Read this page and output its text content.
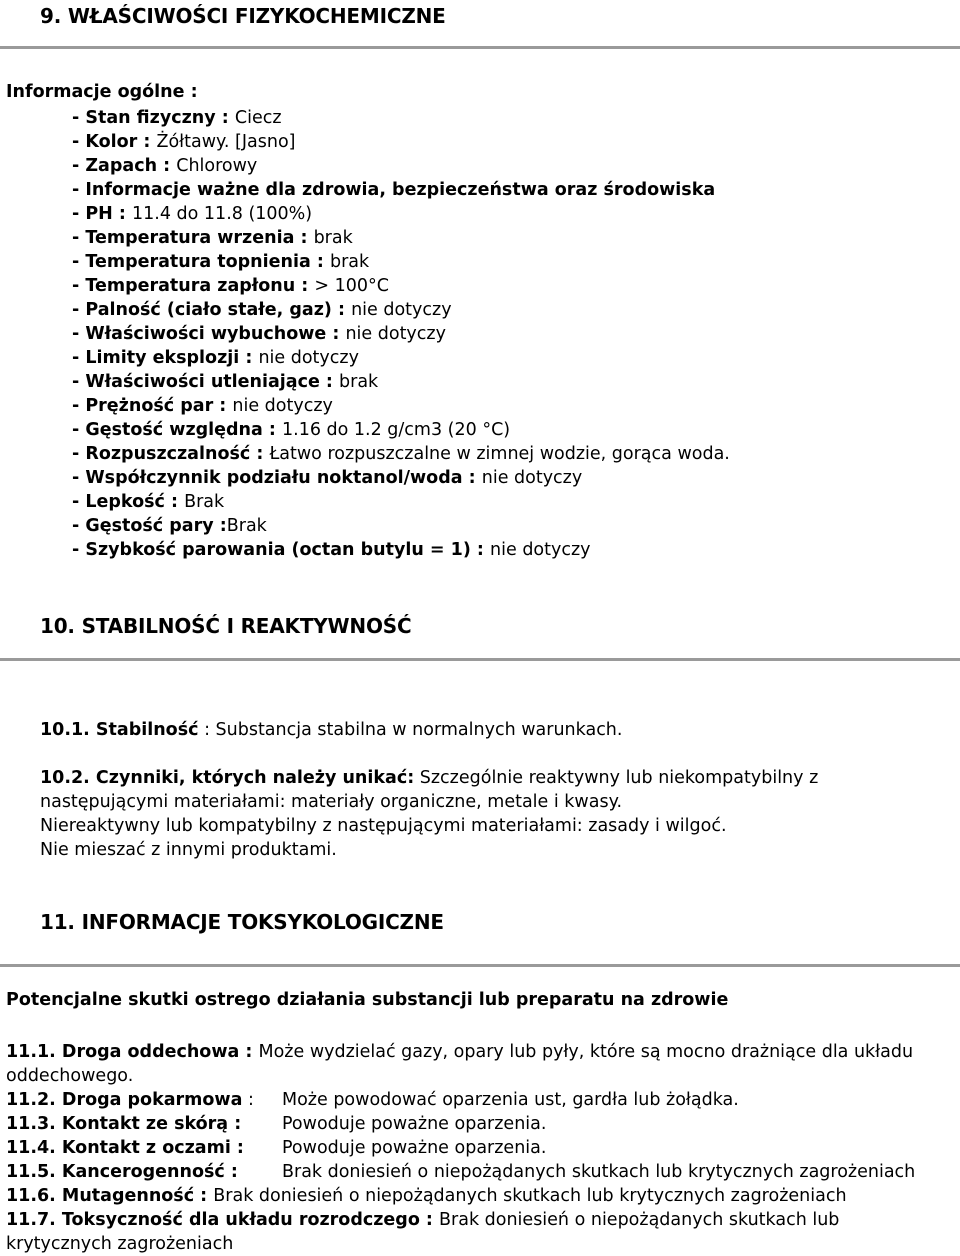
9. WŁAŚCIWOŚCI FIZYKOCHEMICZNE
Informacje ogólne :
- Stan fizyczny : Ciecz
- Kolor : Żółtawy. [Jasno]
- Zapach : Chlorowy
- Informacje ważne dla zdrowia, bezpieczeństwa oraz środowiska
- PH : 11.4 do 11.8 (100%)
- Temperatura wrzenia : brak
- Temperatura topnienia : brak
- Temperatura zapłonu : > 100°C
- Palność (ciało stałe, gaz) : nie dotyczy
- Właściwości wybuchowe : nie dotyczy
- Limity eksplozji : nie dotyczy
- Właściwości utleniające : brak
- Prężność par : nie dotyczy
- Gęstość względna : 1.16 do 1.2 g/cm3 (20 °C)
- Rozpuszczalność : Łatwo rozpuszczalne w zimnej wodzie, gorąca woda.
- Współczynnik podziału noktanol/woda : nie dotyczy
- Lepkość : Brak
- Gęstość pary :Brak
- Szybkość parowania (octan butylu = 1) : nie dotyczy
10. STABILNOŚĆ I REAKTYWNOŚĆ
10.1. Stabilność : Substancja stabilna w normalnych warunkach.
10.2. Czynniki, których należy unikać: Szczególnie reaktywny lub niekompatybilny z
następującymi materiałami: materiały organiczne, metale i kwasy.
Niereaktywny lub kompatybilny z następującymi materiałami: zasady i wilgoć.
Nie mieszać z innymi produktami.
11. INFORMACJE TOKSYKOLOGICZNE
Potencjalne skutki ostrego działania substancji lub preparatu na zdrowie
11.1. Droga oddechowa : Może wydzielać gazy, opary lub pyły, które są mocno drażniące dla układu
oddechowego.
11.2. Droga pokarmowa : Może powodować oparzenia ust, gardła lub żołądka.
11.3. Kontakt ze skórą : Powoduje poważne oparzenia.
11.4. Kontakt z oczami : Powoduje poważne oparzenia.
11.5. Kancerogenność :	Brak doniesień o niepożądanych skutkach lub krytycznych zagrożeniach
11.6. Mutagenność : Brak doniesień o niepożądanych skutkach lub krytycznych zagrożeniach
11.7. Toksyczność dla układu rozrodczego : Brak doniesień o niepożądanych skutkach lub
krytycznych zagrożeniach
